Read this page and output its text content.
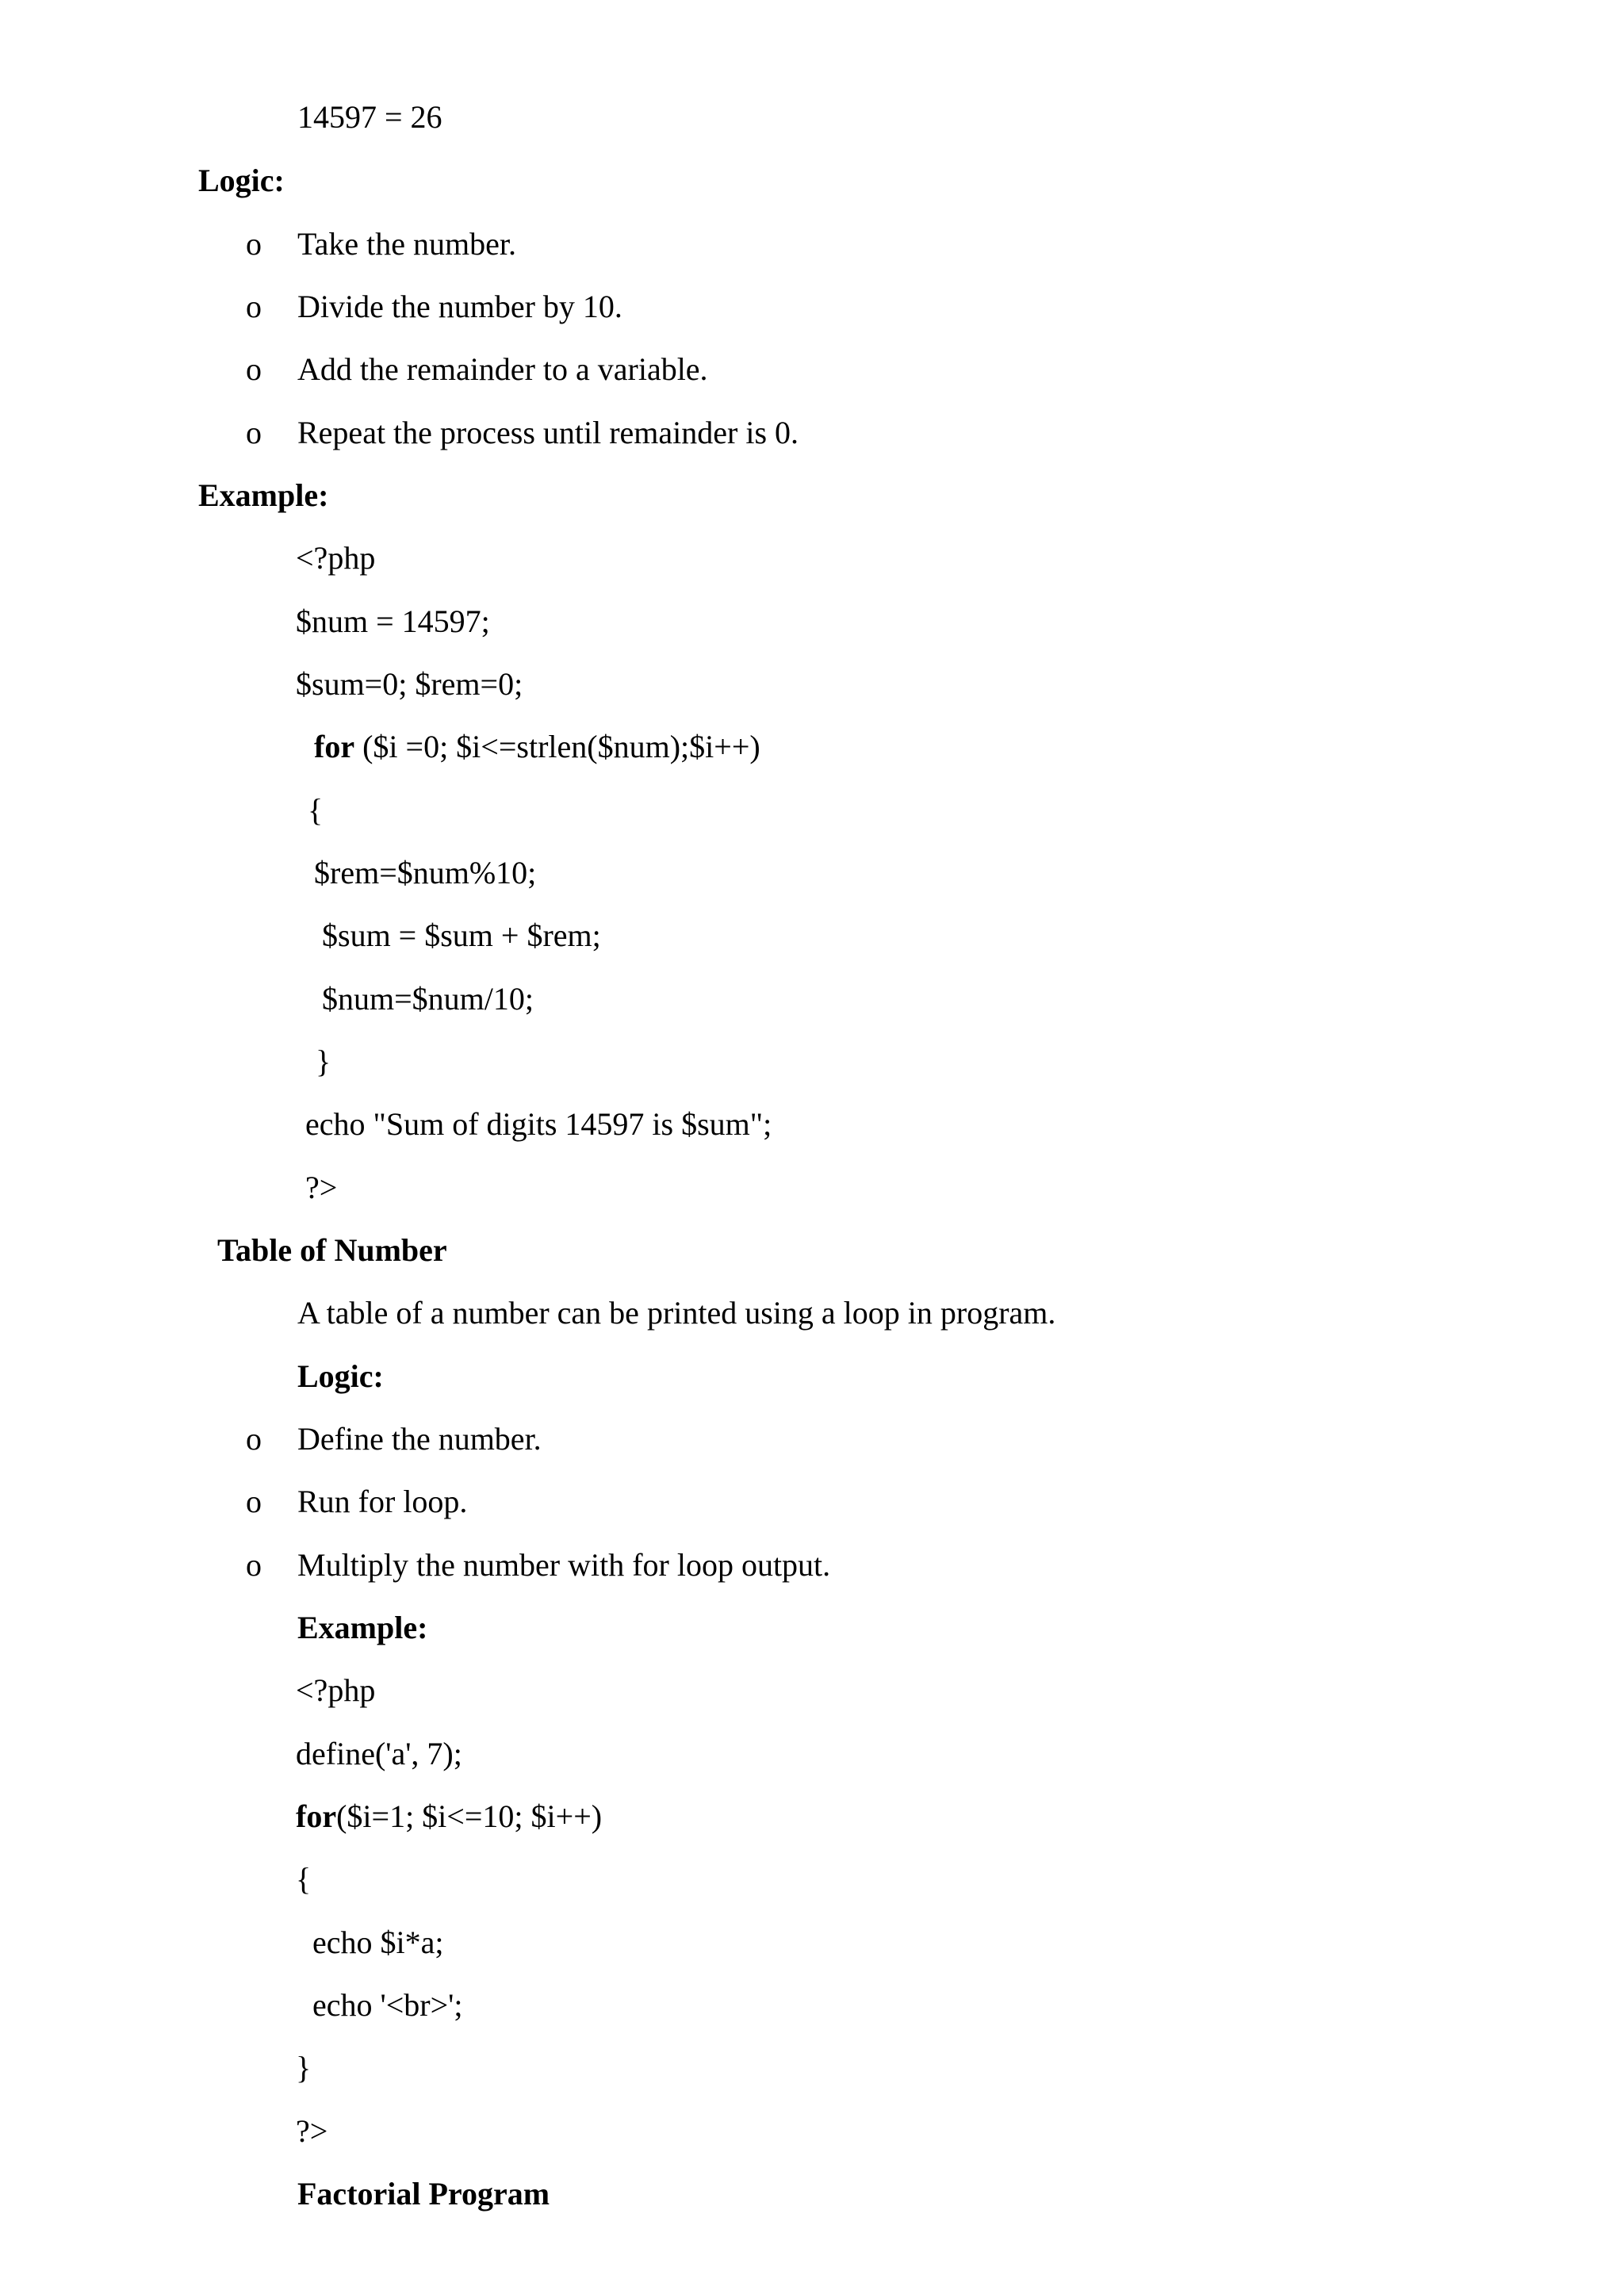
14597 = 26
Logic:
o Take the number.
o Divide the number by 10.
o Add the remainder to a variable.
o Repeat the process until remainder is 0.
Example:
<?php
$num = 14597;
$sum=0; $rem=0;
for ($i =0; $i<=strlen($num);$i++)
{
$rem=$num%10;
$sum = $sum + $rem;
$num=$num/10;
}
echo "Sum of digits 14597 is $sum";
?>
Table of Number
A table of a number can be printed using a loop in program.
Logic:
o Define the number.
o Run for loop.
o Multiply the number with for loop output.
Example:
<?php
define('a', 7);
for($i=1; $i<=10; $i++)
{
echo $i*a;
echo '<br>';
}
?>
Factorial Program
